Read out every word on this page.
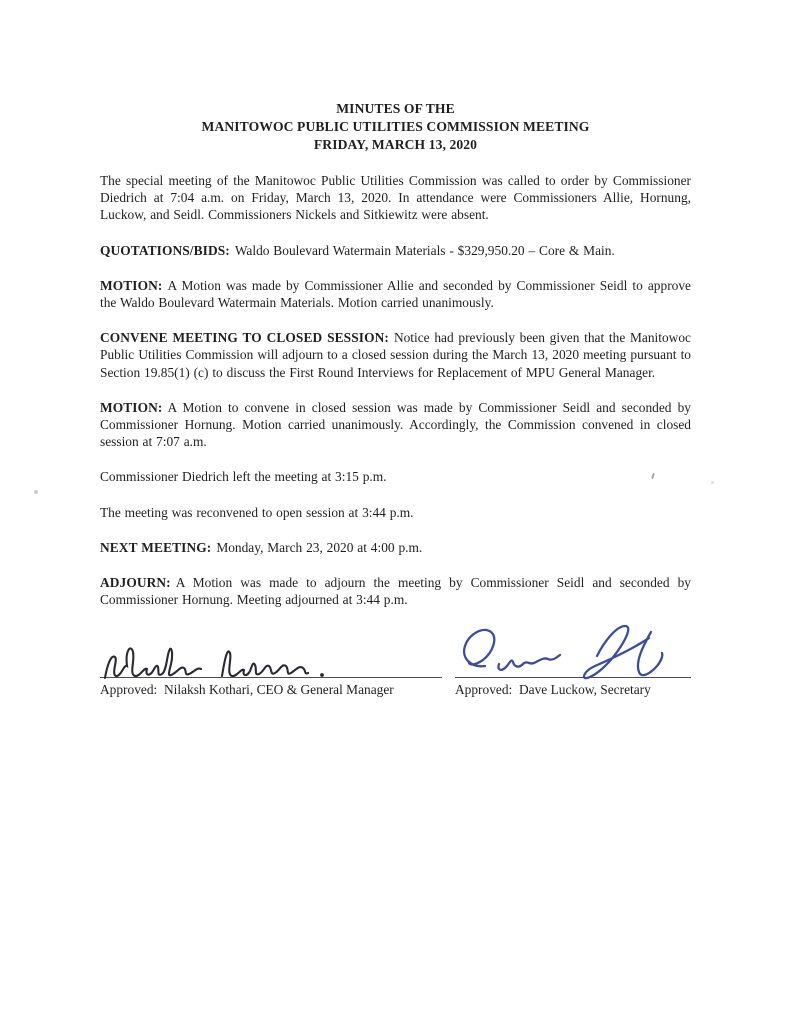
MINUTES OF THE
MANITOWOC PUBLIC UTILITIES COMMISSION MEETING
FRIDAY, MARCH 13, 2020

The special meeting of the Manitowoc Public Utilities Commission was called to order by Commissioner Diedrich at 7:04 a.m. on Friday, March 13, 2020. In attendance were Commissioners Allie, Hornung, Luckow, and Seidl. Commissioners Nickels and Sitkiewitz were absent.

QUOTATIONS/BIDS: Waldo Boulevard Watermain Materials - $329,950.20 – Core & Main.

MOTION: A Motion was made by Commissioner Allie and seconded by Commissioner Seidl to approve the Waldo Boulevard Watermain Materials. Motion carried unanimously.

CONVENE MEETING TO CLOSED SESSION: Notice had previously been given that the Manitowoc Public Utilities Commission will adjourn to a closed session during the March 13, 2020 meeting pursuant to Section 19.85(1) (c) to discuss the First Round Interviews for Replacement of MPU General Manager.

MOTION: A Motion to convene in closed session was made by Commissioner Seidl and seconded by Commissioner Hornung. Motion carried unanimously. Accordingly, the Commission convened in closed session at 7:07 a.m.

Commissioner Diedrich left the meeting at 3:15 p.m.

The meeting was reconvened to open session at 3:44 p.m.

NEXT MEETING: Monday, March 23, 2020 at 4:00 p.m.

ADJOURN: A Motion was made to adjourn the meeting by Commissioner Seidl and seconded by Commissioner Hornung. Meeting adjourned at 3:44 p.m.

Approved:  Nilaksh Kothari, CEO & General Manager	Approved:  Dave Luckow, Secretary
